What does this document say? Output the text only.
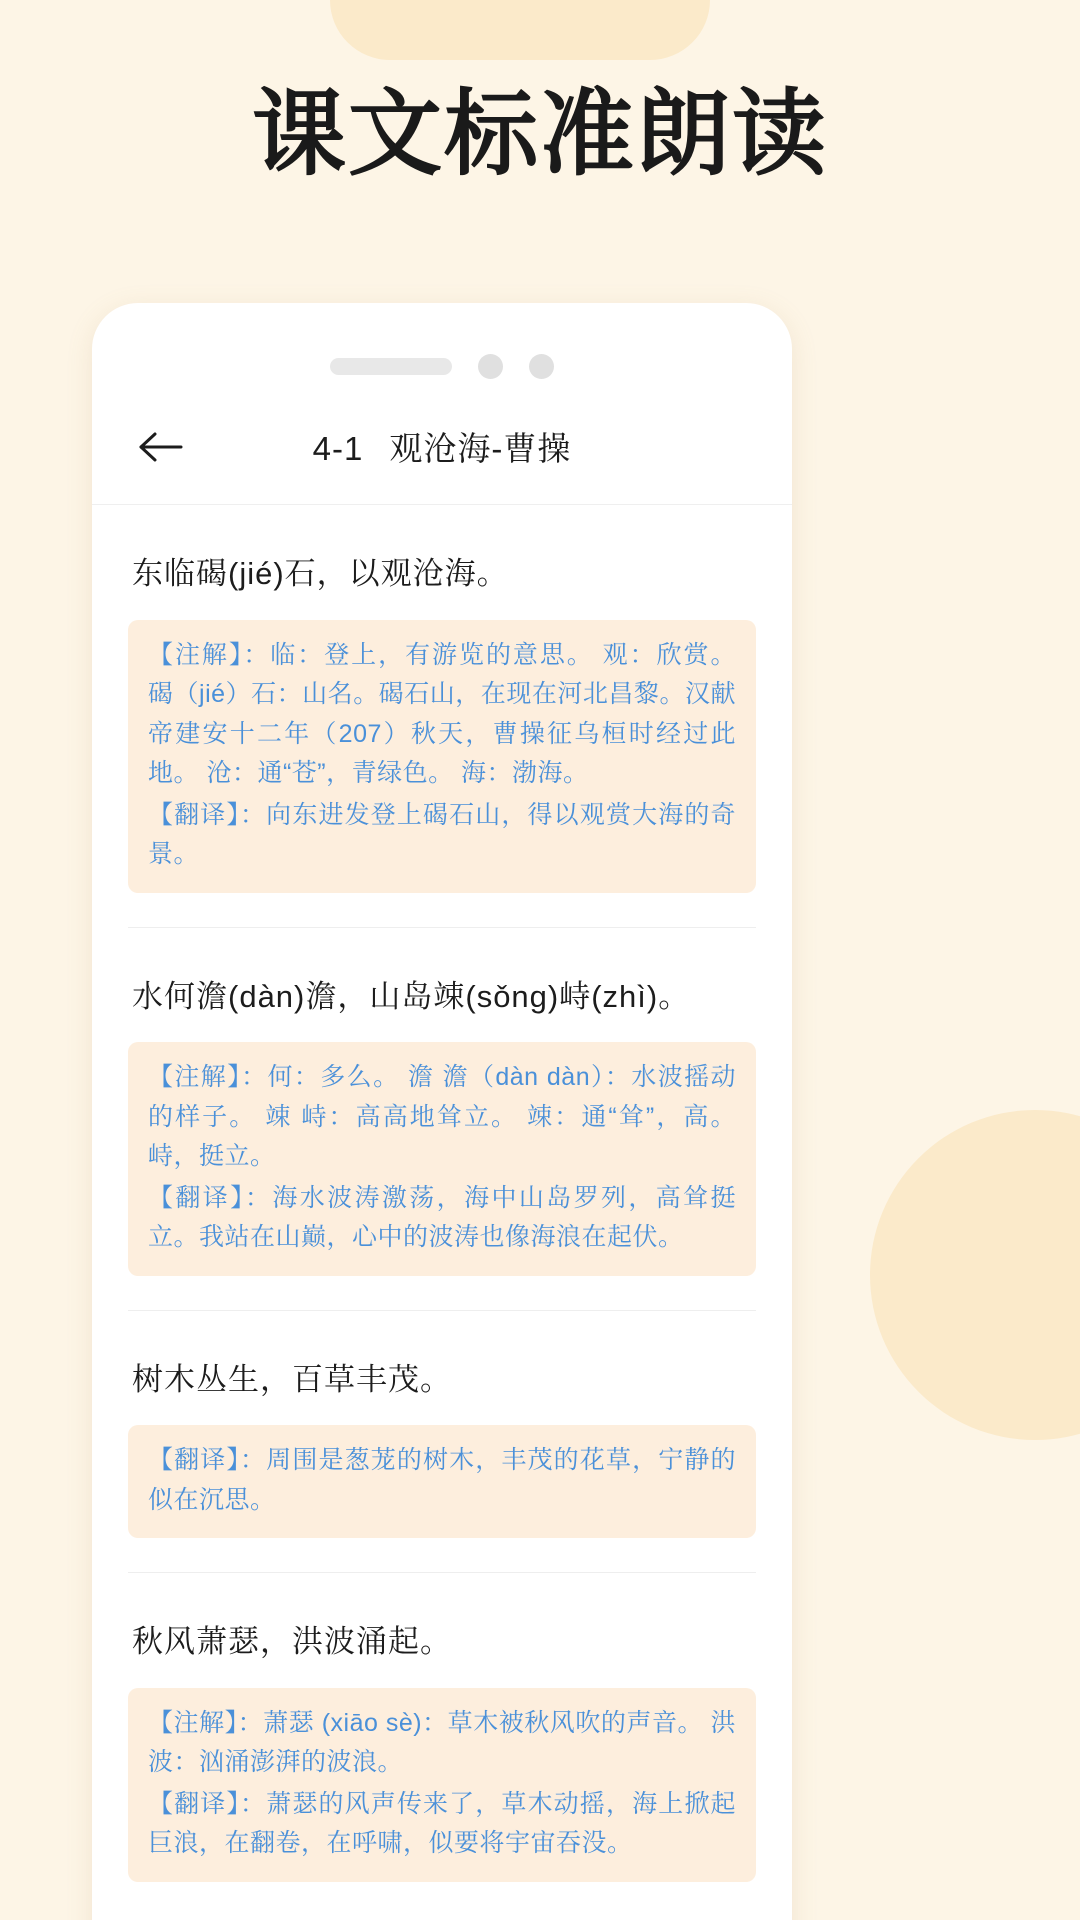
课文标准朗读
4-1 观沧海-曹操
东临碣(jié)石，以观沧海。
【注解】：临：登上，有游览的意思。 观：欣赏。 碣（jié）石：山名。碣石山，在现在河北昌黎。汉献帝建安十二年（207）秋天，曹操征乌桓时经过此地。 沧：通“苍”，青绿色。 海：渤海。
【翻译】：向东进发登上碣石山，得以观赏大海的奇景。
水何澹(dàn)澹，山岛竦(sǒng)峙(zhì)。
【注解】：何：多么。 澹 澹（dàn dàn）：水波摇动的样子。 竦 峙：高高地耸立。 竦：通“耸”，高。峙，挺立。
【翻译】：海水波涛激荡，海中山岛罗列，高耸挺立。我站在山巅，心中的波涛也像海浪在起伏。
树木丛生，百草丰茂。
【翻译】：周围是葱茏的树木，丰茂的花草，宁静的似在沉思。
秋风萧瑟，洪波涌起。
【注解】：萧瑟 (xiāo sè)：草木被秋风吹的声音。 洪波：汹涌澎湃的波浪。
【翻译】：萧瑟的风声传来了，草木动摇，海上掀起巨浪，在翻卷，在呼啸，似要将宇宙吞没。
